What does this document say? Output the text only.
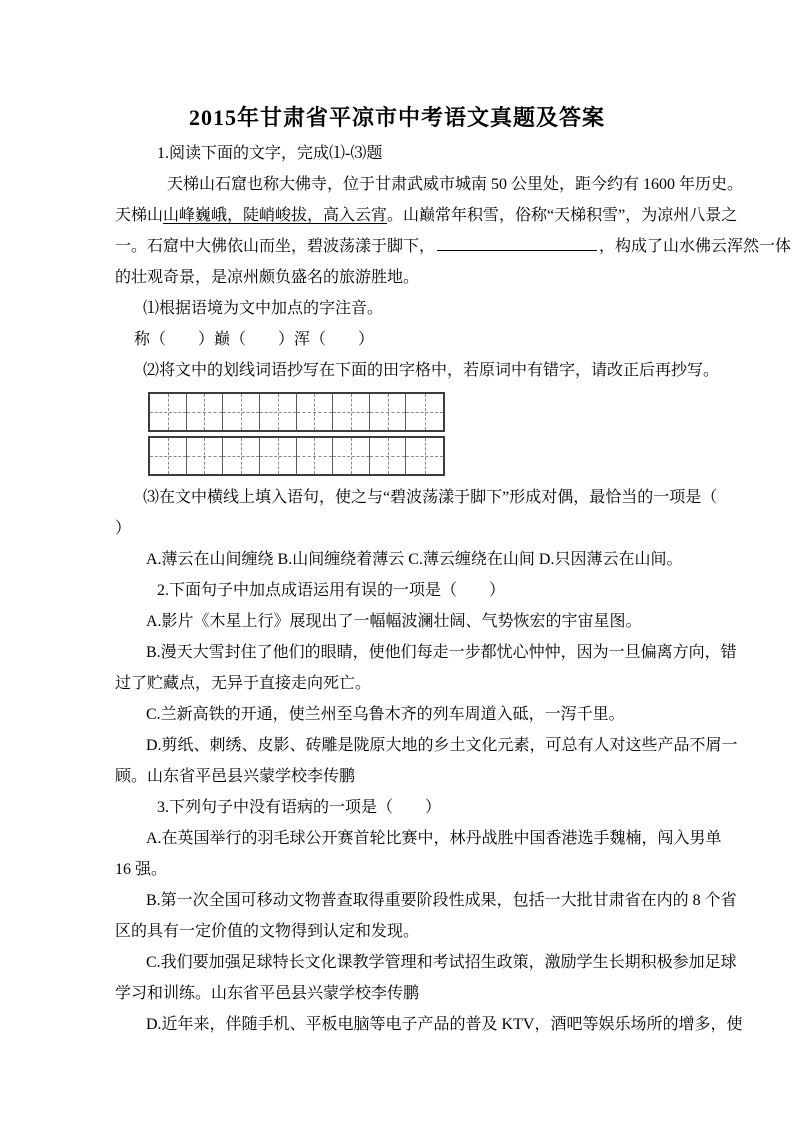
2015年甘肃省平凉市中考语文真题及答案
1.阅读下面的文字，完成⑴-⑶题
天梯山石窟也称大佛寺，位于甘肃武威市城南 50 公里处，距今约有 1600 年历史。
天梯山山峰巍峨，陡峭峻拔，高入云宵。山巅常年积雪，俗称“天梯积雪”，为凉州八景之
一。石窟中大佛依山而坐，碧波荡漾于脚下，	，构成了山水佛云浑然一体
的壮观奇景，是凉州颇负盛名的旅游胜地。
⑴根据语境为文中加点的字注音。
称（　　）巅（　　）浑（　　）
⑵将文中的划线词语抄写在下面的田字格中，若原词中有错字，请改正后再抄写。
⑶在文中横线上填入语句，使之与“碧波荡漾于脚下”形成对偶，最恰当的一项是（
）
A.薄云在山间缠绕 B.山间缠绕着薄云 C.薄云缠绕在山间 D.只因薄云在山间。
2.下面句子中加点成语运用有误的一项是（　　）
A.影片《木星上行》展现出了一幅幅波澜壮阔、气势恢宏的宇宙星图。
B.漫天大雪封住了他们的眼睛，使他们每走一步都忧心忡忡，因为一旦偏离方向，错
过了贮藏点，无异于直接走向死亡。
C.兰新高铁的开通，使兰州至乌鲁木齐的列车周道入砥，一泻千里。
D.剪纸、刺绣、皮影、砖雕是陇原大地的乡土文化元素，可总有人对这些产品不屑一
顾。山东省平邑县兴蒙学校李传鹏
3.下列句子中没有语病的一项是（　　）
A.在英国举行的羽毛球公开赛首轮比赛中，林丹战胜中国香港选手魏楠，闯入男单
16 强。
B.第一次全国可移动文物普查取得重要阶段性成果，包括一大批甘肃省在内的 8 个省
区的具有一定价值的文物得到认定和发现。
C.我们要加强足球特长文化课教学管理和考试招生政策，激励学生长期积极参加足球
学习和训练。山东省平邑县兴蒙学校李传鹏
D.近年来，伴随手机、平板电脑等电子产品的普及 KTV，酒吧等娱乐场所的增多，使
